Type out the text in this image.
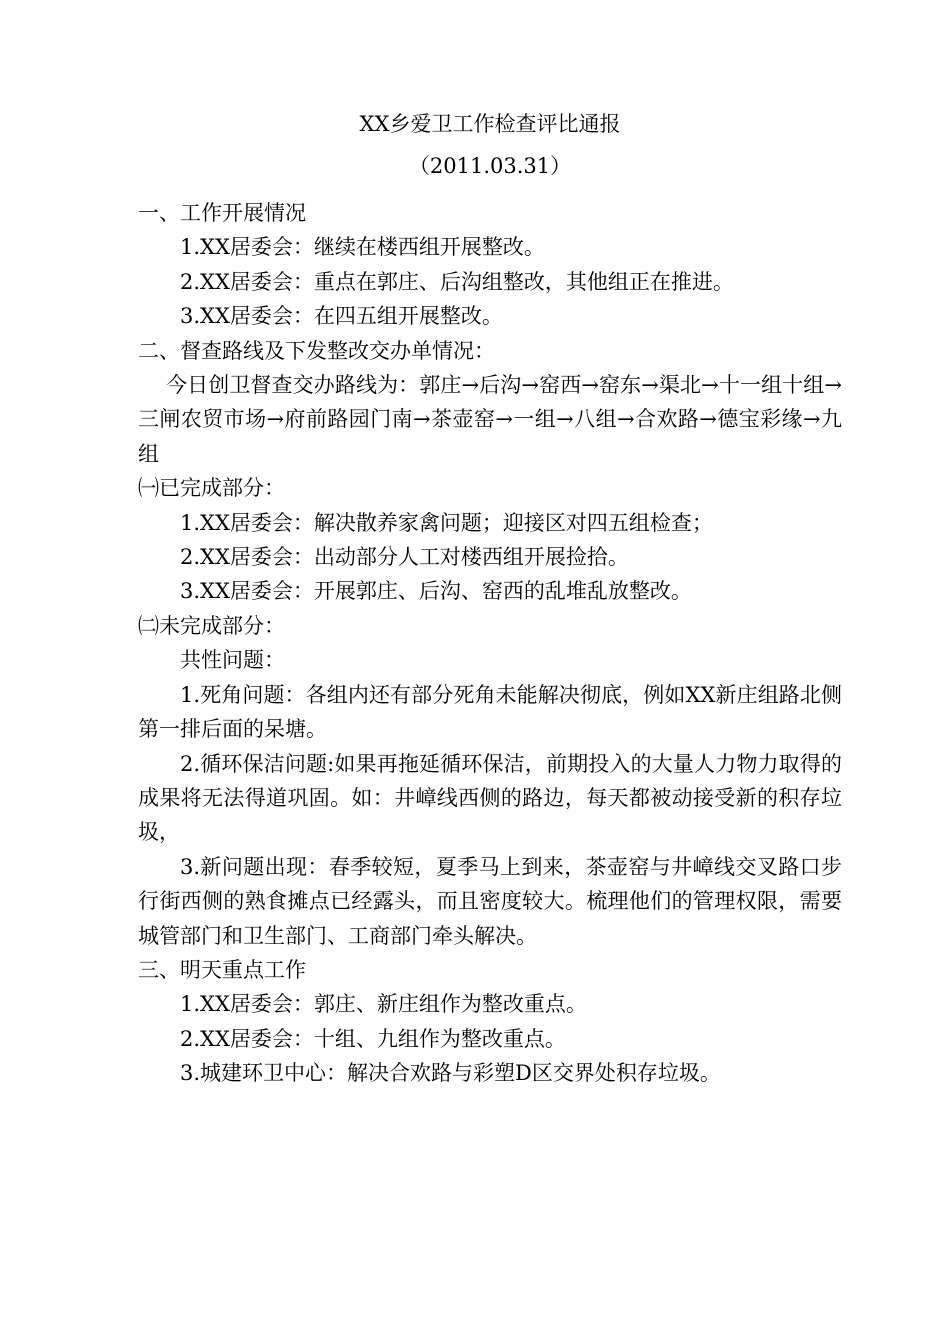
XX乡爱卫工作检查评比通报
（2011.03.31）

一、工作开展情况

1.XX居委会：继续在楼西组开展整改。

2.XX居委会：重点在郭庄、后沟组整改，其他组正在推进。

3.XX居委会：在四五组开展整改。

二、督查路线及下发整改交办单情况：

今日创卫督查交办路线为：郭庄→后沟→窑西→窑东→渠北→十一组十组→三闸农贸市场→府前路园门南→茶壶窑→一组→八组→合欢路→德宝彩缘→九组

㈠已完成部分：

1.XX居委会：解决散养家禽问题；迎接区对四五组检查；

2.XX居委会：出动部分人工对楼西组开展捡拾。

3.XX居委会：开展郭庄、后沟、窑西的乱堆乱放整改。

㈡未完成部分：

共性问题：

1.死角问题：各组内还有部分死角未能解决彻底，例如XX新庄组路北侧第一排后面的呆塘。

2.循环保洁问题:如果再拖延循环保洁，前期投入的大量人力物力取得的成果将无法得道巩固。如：井嶂线西侧的路边，每天都被动接受新的积存垃圾，

3.新问题出现：春季较短，夏季马上到来，茶壶窑与井嶂线交叉路口步行街西侧的熟食摊点已经露头，而且密度较大。梳理他们的管理权限，需要城管部门和卫生部门、工商部门牵头解决。

三、明天重点工作

1.XX居委会：郭庄、新庄组作为整改重点。

2.XX居委会：十组、九组作为整改重点。

3.城建环卫中心：解决合欢路与彩塑D区交界处积存垃圾。
